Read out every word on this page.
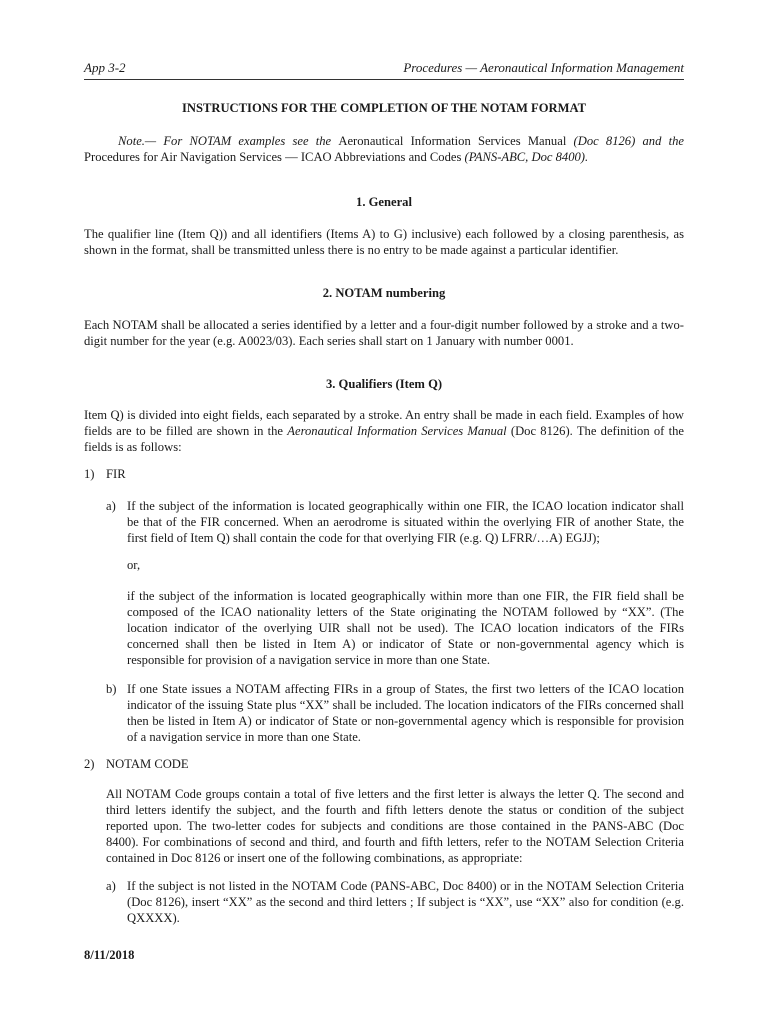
App 3-2	Procedures — Aeronautical Information Management
INSTRUCTIONS FOR THE COMPLETION OF THE NOTAM FORMAT

Note.— For NOTAM examples see the Aeronautical Information Services Manual (Doc 8126) and the Procedures for Air Navigation Services — ICAO Abbreviations and Codes (PANS-ABC, Doc 8400).

1. General

The qualifier line (Item Q)) and all identifiers (Items A) to G) inclusive) each followed by a closing parenthesis, as shown in the format, shall be transmitted unless there is no entry to be made against a particular identifier.

2. NOTAM numbering

Each NOTAM shall be allocated a series identified by a letter and a four-digit number followed by a stroke and a two-digit number for the year (e.g. A0023/03). Each series shall start on 1 January with number 0001.

3. Qualifiers (Item Q)

Item Q) is divided into eight fields, each separated by a stroke. An entry shall be made in each field. Examples of how fields are to be filled are shown in the Aeronautical Information Services Manual (Doc 8126). The definition of the fields is as follows:

1) FIR

a) If the subject of the information is located geographically within one FIR, the ICAO location indicator shall be that of the FIR concerned. When an aerodrome is situated within the overlying FIR of another State, the first field of Item Q) shall contain the code for that overlying FIR (e.g. Q) LFRR/…A) EGJJ);

or,

if the subject of the information is located geographically within more than one FIR, the FIR field shall be composed of the ICAO nationality letters of the State originating the NOTAM followed by “XX”. (The location indicator of the overlying UIR shall not be used). The ICAO location indicators of the FIRs concerned shall then be listed in Item A) or indicator of State or non-governmental agency which is responsible for provision of a navigation service in more than one State.

b) If one State issues a NOTAM affecting FIRs in a group of States, the first two letters of the ICAO location indicator of the issuing State plus “XX” shall be included. The location indicators of the FIRs concerned shall then be listed in Item A) or indicator of State or non-governmental agency which is responsible for provision of a navigation service in more than one State.

2) NOTAM CODE

All NOTAM Code groups contain a total of five letters and the first letter is always the letter Q. The second and third letters identify the subject, and the fourth and fifth letters denote the status or condition of the subject reported upon. The two-letter codes for subjects and conditions are those contained in the PANS-ABC (Doc 8400). For combinations of second and third, and fourth and fifth letters, refer to the NOTAM Selection Criteria contained in Doc 8126 or insert one of the following combinations, as appropriate:

a) If the subject is not listed in the NOTAM Code (PANS-ABC, Doc 8400) or in the NOTAM Selection Criteria (Doc 8126), insert “XX” as the second and third letters ; If subject is “XX”, use “XX” also for condition (e.g. QXXXX).

8/11/2018
